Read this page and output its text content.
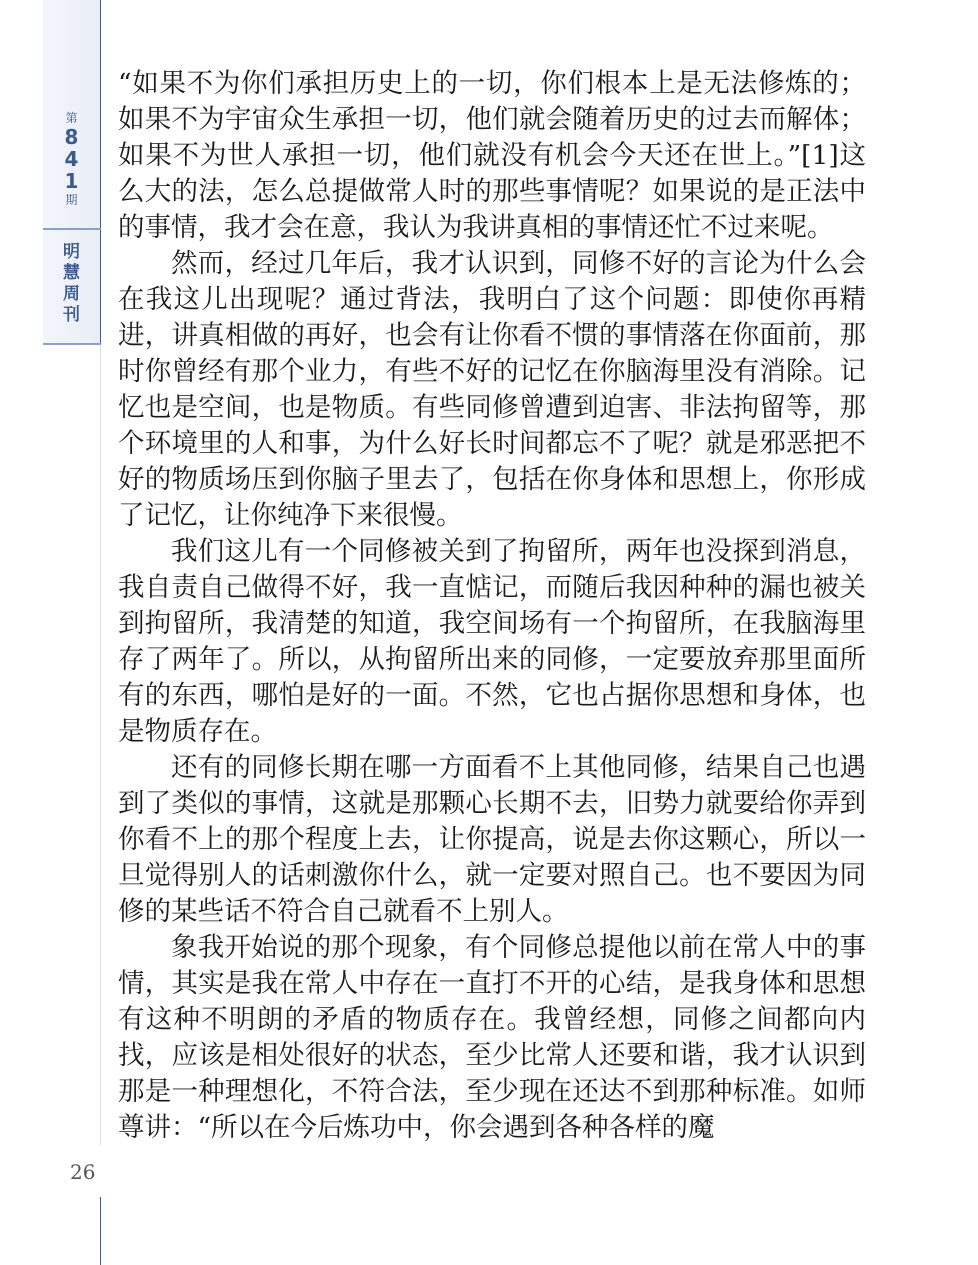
第
8
4
1
期
明
慧
周
刊

“如果不为你们承担历史上的一切，你们根本上是无法修炼的；如果不为宇宙众生承担一切，他们就会随着历史的过去而解体；如果不为世人承担一切，他们就没有机会今天还在世上。”[1]这么大的法，怎么总提做常人时的那些事情呢？如果说的是正法中的事情，我才会在意，我认为我讲真相的事情还忙不过来呢。

然而，经过几年后，我才认识到，同修不好的言论为什么会在我这儿出现呢？通过背法，我明白了这个问题：即使你再精进，讲真相做的再好，也会有让你看不惯的事情落在你面前，那时你曾经有那个业力，有些不好的记忆在你脑海里没有消除。记忆也是空间，也是物质。有些同修曾遭到迫害、非法拘留等，那个环境里的人和事，为什么好长时间都忘不了呢？就是邪恶把不好的物质场压到你脑子里去了，包括在你身体和思想上，你形成了记忆，让你纯净下来很慢。

我们这儿有一个同修被关到了拘留所，两年也没探到消息，我自责自己做得不好，我一直惦记，而随后我因种种的漏也被关到拘留所，我清楚的知道，我空间场有一个拘留所，在我脑海里存了两年了。所以，从拘留所出来的同修，一定要放弃那里面所有的东西，哪怕是好的一面。不然，它也占据你思想和身体，也是物质存在。

还有的同修长期在哪一方面看不上其他同修，结果自己也遇到了类似的事情，这就是那颗心长期不去，旧势力就要给你弄到你看不上的那个程度上去，让你提高，说是去你这颗心，所以一旦觉得别人的话刺激你什么，就一定要对照自己。也不要因为同修的某些话不符合自己就看不上别人。

象我开始说的那个现象，有个同修总提他以前在常人中的事情，其实是我在常人中存在一直打不开的心结，是我身体和思想有这种不明朗的矛盾的物质存在。我曾经想，同修之间都向内找，应该是相处很好的状态，至少比常人还要和谐，我才认识到那是一种理想化，不符合法，至少现在还达不到那种标准。如师尊讲：“所以在今后炼功中，你会遇到各种各样的魔

26
